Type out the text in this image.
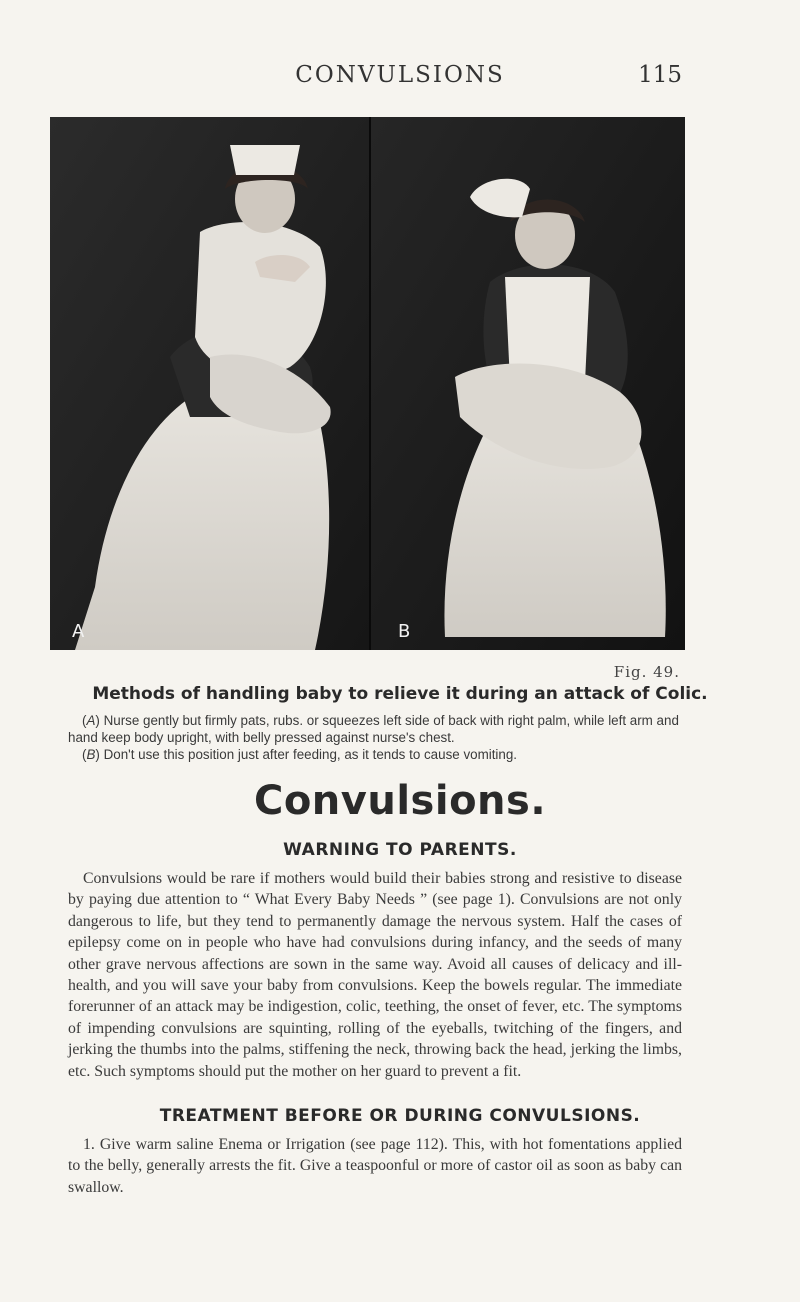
CONVULSIONS	115
A	B
Fig. 49.
Methods of handling baby to relieve it during an attack of Colic.

(A) Nurse gently but firmly pats, rubs. or squeezes left side of back with right palm, while left arm and hand keep body upright, with belly pressed against nurse's chest.

(B) Don't use this position just after feeding, as it tends to cause vomiting.

Convulsions.
WARNING TO PARENTS.

Convulsions would be rare if mothers would build their babies strong and resistive to disease by paying due attention to “ What Every Baby Needs ” (see page 1). Convulsions are not only dangerous to life, but they tend to permanently damage the nervous system. Half the cases of epilepsy come on in people who have had convulsions during infancy, and the seeds of many other grave nervous affections are sown in the same way. Avoid all causes of delicacy and ill-health, and you will save your baby from convulsions. Keep the bowels regular. The immediate forerunner of an attack may be indigestion, colic, teething, the onset of fever, etc. The symptoms of impending convulsions are squinting, rolling of the eyeballs, twitching of the fingers, and jerking the thumbs into the palms, stiffening the neck, throwing back the head, jerking the limbs, etc. Such symptoms should put the mother on her guard to prevent a fit.

TREATMENT BEFORE OR DURING CONVULSIONS.

1. Give warm saline Enema or Irrigation (see page 112). This, with hot fomentations applied to the belly, generally arrests the fit. Give a teaspoonful or more of castor oil as soon as baby can swallow.
